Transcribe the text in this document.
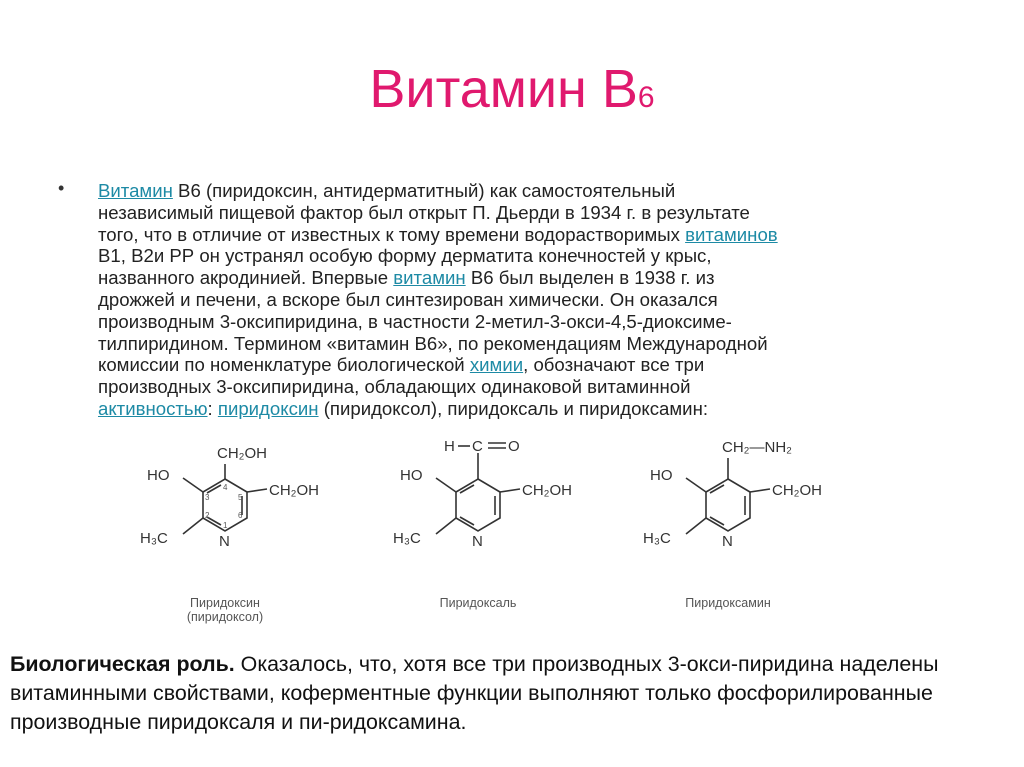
Витамин В6
• Витамин В6 (пиридоксин, антидерматитный) как самостоятельный
независимый пищевой фактор был открыт П. Дьерди в 1934 г. в результате
того, что в отличие от известных к тому времени водорастворимых витаминов
В1, В2и РР он устранял особую форму дерматита конечностей у крыс,
названного акродинией. Впервые витамин В6 был выделен в 1938 г. из
дрожжей и печени, а вскоре был синтезирован химически. Он оказался
производным 3-оксипиридина, в частности 2-метил-3-окси-4,5-диоксиме-
тилпиридином. Термином «витамин В6», по рекомендациям Международной
комиссии по номенклатуре биологической химии, обозначают все три
производных 3-оксипиридина, обладающих одинаковой витаминной
активностью: пиридоксин (пиридоксол), пиридоксаль и пиридоксамин:
CH₂OH
CH₂OH
HO
H₃C	N
3
4
5
2	6
1
Пиридоксин
(пиридоксол)
H C O
CH₂OH
HO
H₃C	N
Пиридоксаль
CH₂—NH₂
CH₂OH
HO
H₃C	N
Пиридоксамин
Биологическая роль. Оказалось, что, хотя все три производных 3-окси-пиридина наделены витаминными свойствами, коферментные функции выполняют только фосфорилированные производные пиридоксаля и пи-ридоксамина.
